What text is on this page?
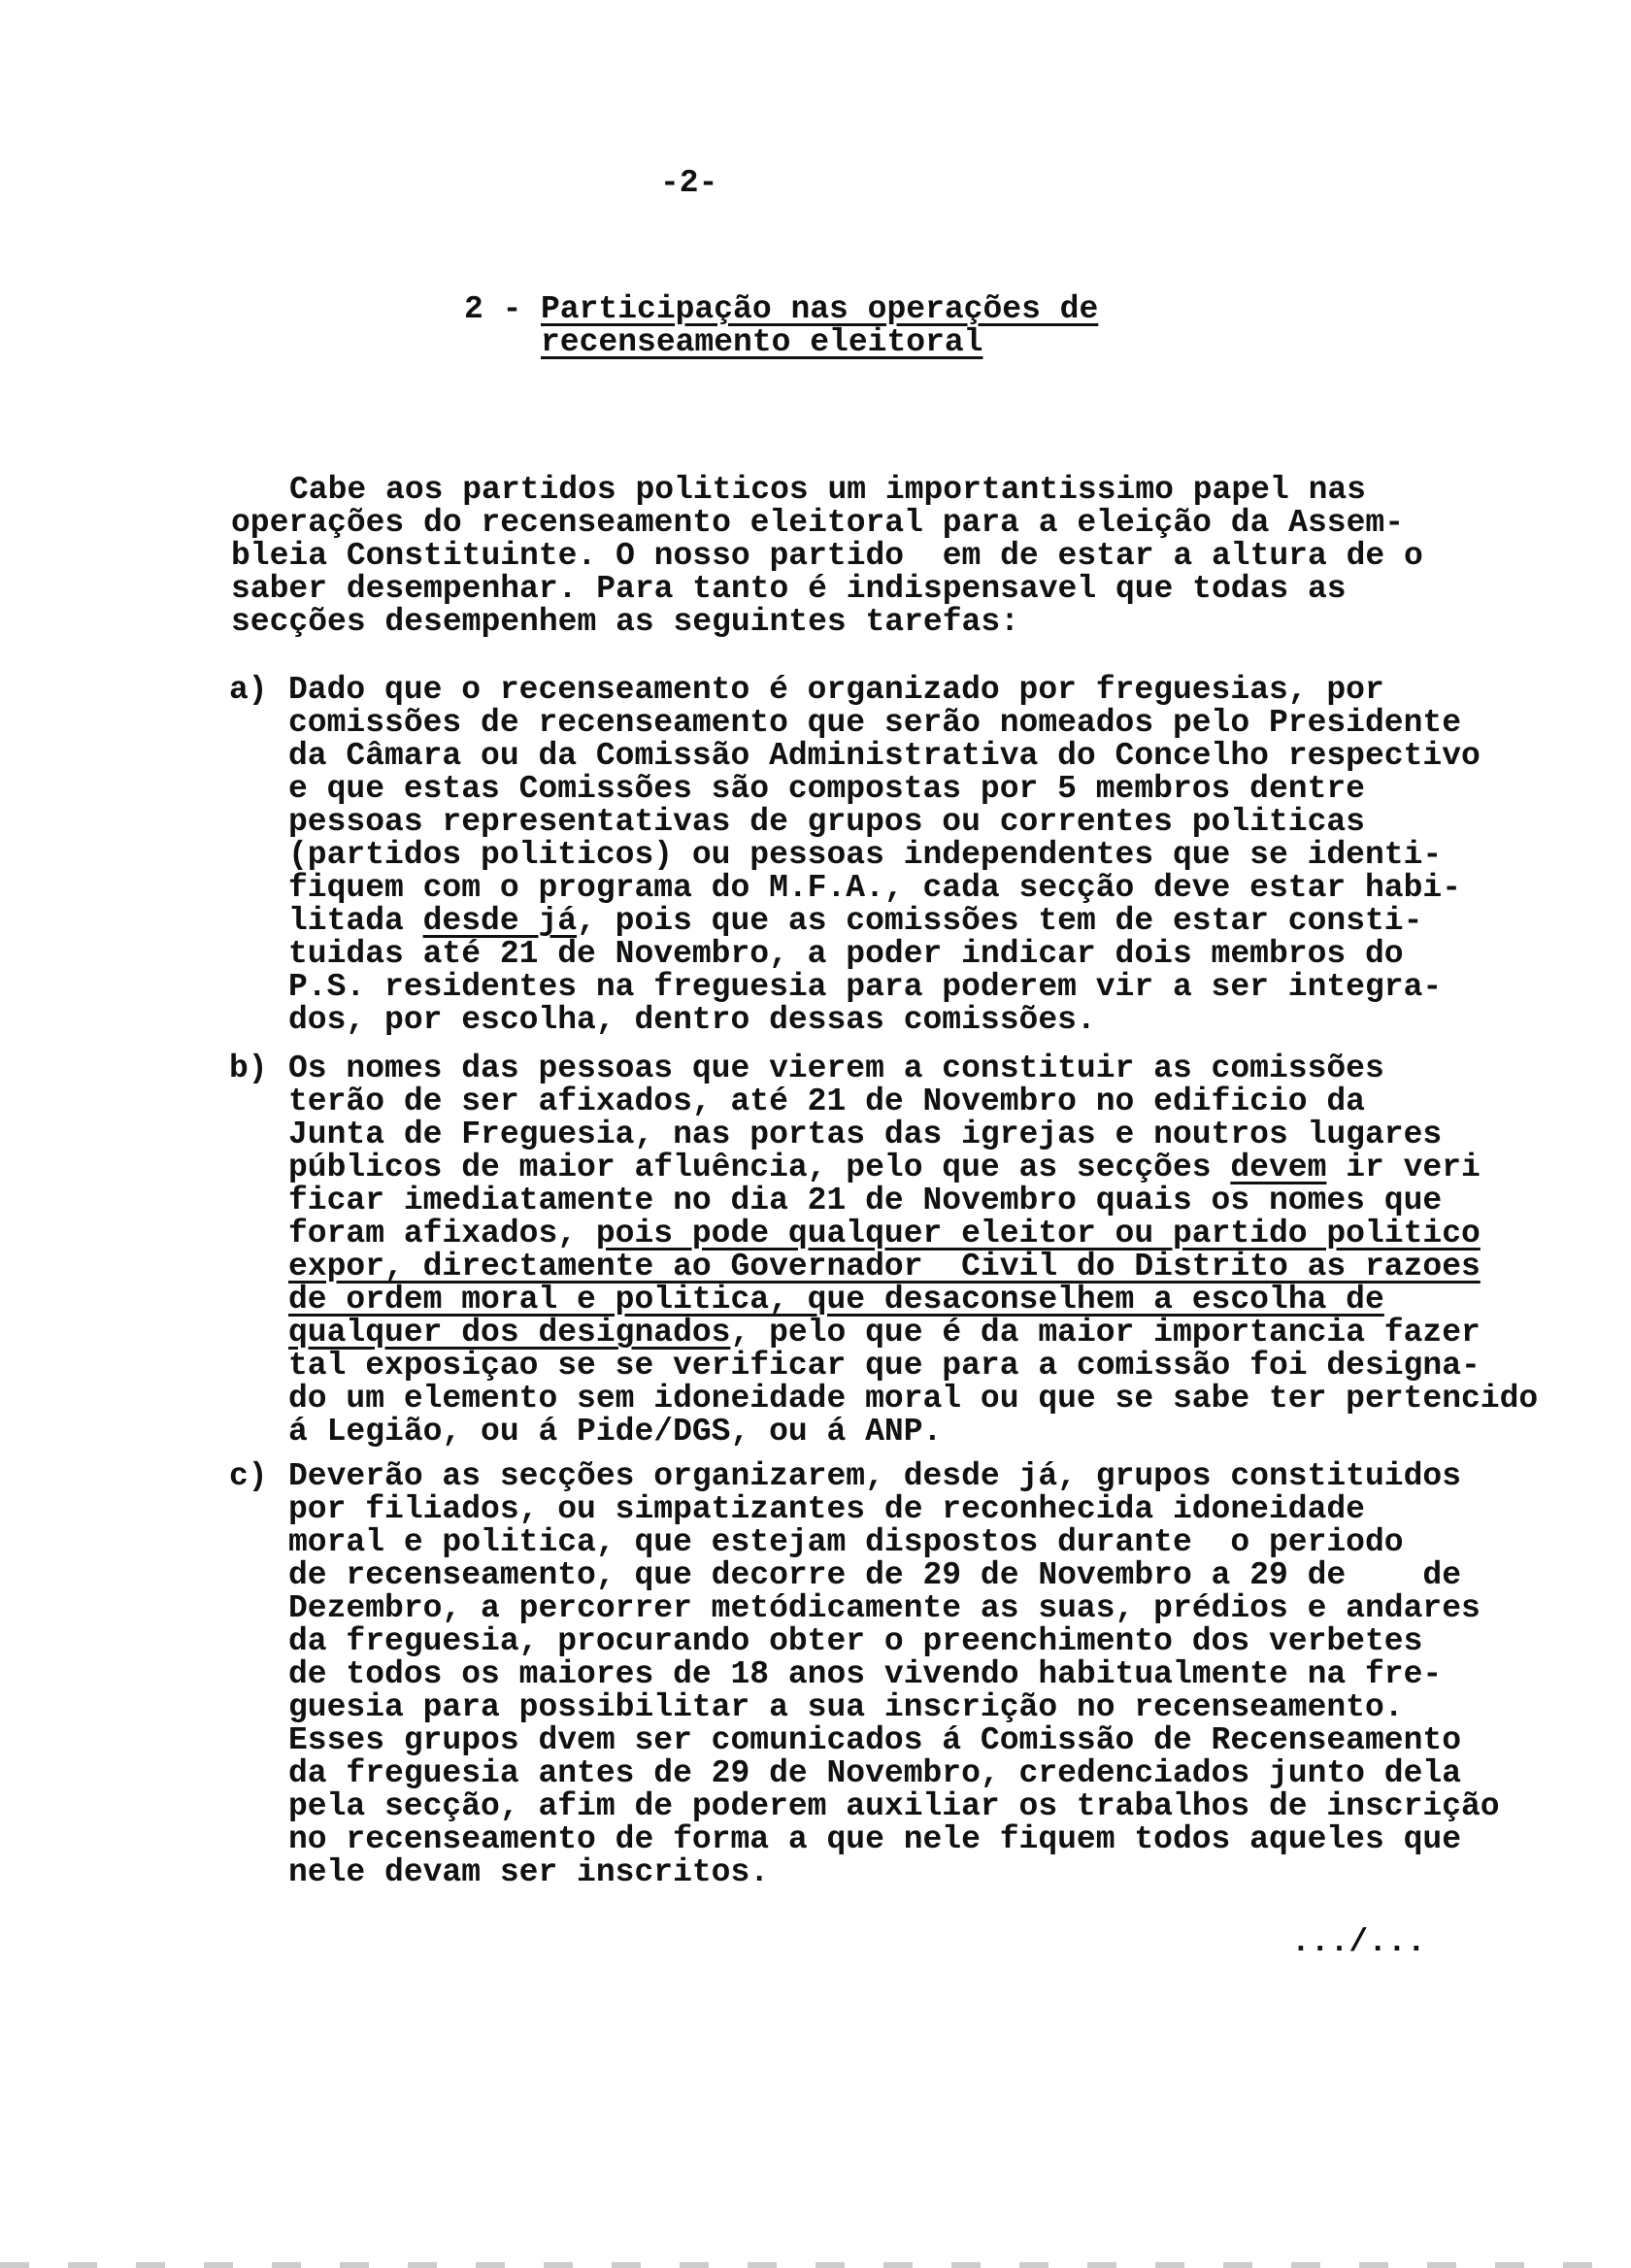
-2-
2 - Participação nas operações de
recenseamento eleitoral
Cabe aos partidos politicos um importantissimo papel nas
operações do recenseamento eleitoral para a eleição da Assem-
bleia Constituinte. O nosso partido  em de estar a altura de o
saber desempenhar. Para tanto é indispensavel que todas as
secções desempenhem as seguintes tarefas:
a) Dado que o recenseamento é organizado por freguesias, por
comissões de recenseamento que serão nomeados pelo Presidente
da Câmara ou da Comissão Administrativa do Concelho respectivo
e que estas Comissões são compostas por 5 membros dentre
pessoas representativas de grupos ou correntes politicas
(partidos politicos) ou pessoas independentes que se identi-
fiquem com o programa do M.F.A., cada secção deve estar habi-
litada desde já, pois que as comissões tem de estar consti-
tuidas até 21 de Novembro, a poder indicar dois membros do
P.S. residentes na freguesia para poderem vir a ser integra-
dos, por escolha, dentro dessas comissões.
b) Os nomes das pessoas que vierem a constituir as comissões
terão de ser afixados, até 21 de Novembro no edificio da
Junta de Freguesia, nas portas das igrejas e noutros lugares
públicos de maior afluência, pelo que as secções devem ir veri
ficar imediatamente no dia 21 de Novembro quais os nomes que
foram afixados, pois pode qualquer eleitor ou partido politico
expor, directamente ao Governador  Civil do Distrito as razoes
de ordem moral e politica, que desaconselhem a escolha de
qualquer dos designados, pelo que é da maior importancia fazer
tal exposiçao se se verificar que para a comissão foi designa-
do um elemento sem idoneidade moral ou que se sabe ter pertencido
á Legião, ou á Pide/DGS, ou á ANP.
c) Deverão as secções organizarem, desde já, grupos constituidos
por filiados, ou simpatizantes de reconhecida idoneidade
moral e politica, que estejam dispostos durante  o periodo
de recenseamento, que decorre de 29 de Novembro a 29 de    de
Dezembro, a percorrer metódicamente as suas, prédios e andares
da freguesia, procurando obter o preenchimento dos verbetes
de todos os maiores de 18 anos vivendo habitualmente na fre-
guesia para possibilitar a sua inscrição no recenseamento.
Esses grupos dvem ser comunicados á Comissão de Recenseamento
da freguesia antes de 29 de Novembro, credenciados junto dela
pela secção, afim de poderem auxiliar os trabalhos de inscrição
no recenseamento de forma a que nele fiquem todos aqueles que
nele devam ser inscritos.
.../...
